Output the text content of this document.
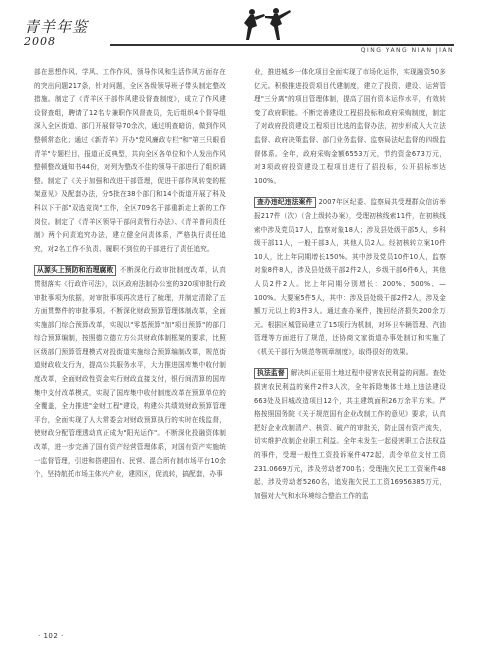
青羊年鉴
2008
QING YANG NIAN JIAN

部在思想作风、学风、工作作风、领导作风和生活作风方面存在的突出问题217条，针对问题，全区各级领导班子带头制定整改措施。制定了《青羊区干部作风建设督查制度》，成立了作风建设督查组，聘请了12名专兼职作风督查员，先后组织4个督导组深入全区街道、部门开展督导70余次，通过明查暗访，做到作风整顿常态化；通过《新青羊》开办"党风廉政专栏"和"第三只眼看青羊"专题栏目，报道正反典型，共向全区各单位和个人发出作风整顿整改通知书44份，对列为整改不佳的领导干部进行了组织调整。制定了《关于加强和改进干部管理，促进干部作风转变的框架意见》及配套办法，分5批在38个部门和14个街道开展了科及科以下干部"双选竞岗"工作，全区709名干部重新走上新的工作岗位。制定了《青羊区领导干部问责暂行办法》、《青羊普问责任制》两个问责追究办法，建立健全问责体系，严格执行责任追究，对2名工作不负责、履职不到位的干部进行了责任追究。

从源头上预防和治理腐败 不断深化行政审批制度改革，认真贯彻落实《行政许可法》，以区政府法制办公室的320项审批行政审批事项为依据，对审批事项再次进行了梳理，并制定清除了五方面贯弊件的审批事项。不断深化财政预算管理体制改革，全面实施部门综合预算改革，实现以"零基预算"加"项目预算"的部门综合预算编制，按照德立德立方公共财政体制框架的要求，比照区级部门预算管理模式对投街道实施综合预算编制改革，规范街道财政收支行为，提高公共服务水平，大力推进国库集中收付制度改革，全面财政性资金实行财政直接支付，银行间清算的国库集中支付改革模式，实现了国库集中收付制度改革在预算单位的全覆盖，全力推进"金财工程"建设，构建公共绩效财政预算管理平台，全面实现了人大常委会对财政预算执行的实时在线监督，使财政分配管理透动真正成为"阳光运作"。不断深化投融资体制改革，进一步完善了国有资产经营管理体系，对国有资产实施统一监督管理，引进和搭建国有、民营、混合所有制市场平台10余个，坚持航托市场主体兴产业，建园区，促流转，搞配套，办事

业，推进城乡一体化项目全面实现了市场化运作，实现融资50多亿元。积极推进投资项目代建制度，建立了投资、建设、运营管理"三分离"的项目管理体制，提高了国有资本运作水平，有效转变了政府职能。不断完善建设工程招投标和政府采购制度，制定了对政府投资建设工程项目比选的监督办法，初步形成人大立法监督、政府决策监督、部门业务监督、监察局法纪监督的四级监督体系。全年，政府采购金额6553万元，节约资金673万元，对3项政府投资建设工程项目进行了招投标，公开招标率达100%。

查办违纪违法案件 2007年区纪委、监察局共受理群众信访举报217件（次）（含上级转办案），受理初核线索11件，在初核线索中涉及党员17人，监察对象18人；涉及县处级干部5人，乡科级干部11人，一般干部3人，其他人员2人。经初核转立案10件10人，比上年同期增长150%。其中涉及党员10件10人，监察对象8件8人，涉及县处级干部2件2人，乡级干部6件6人，其他人员2件2人。比上年同期分别增长：200%、500%、—100%。大要案5件5人，其中：涉及县处级干部2件2人，涉及金额万元以上的3件3人。通过查办案件，挽回经济损失200余万元。根据区城管局建立了15项行为机制，对环卫车辆管理、汽油管理等方面进行了规范，还协商文家街道办事处制订和实施了《机关干部行为规范等规章制度》，取得很好的效果。

执法监督 解决纠正征用土地过程中侵害农民利益的问题。查处损害农民利益的案件2件3人次，全年拆除集体土地上违法建设663处及旧城改造项目12个，共主建筑面积26万余平方米。严格按照国务院《关于规范国有企业改制工作的意见》要求，认真把好企业改制清产、核资、破产的审批关，防止国有资产流失，切实维护改制企业职工利益。全年未发生一起侵害职工合法权益的事件，受理一般性工资投诉案件472起，责令单位支付工资231.0669万元，涉及劳动者700名；受理拖欠民工工资案件48起，涉及劳动者5260名，追发拖欠民工工资16956385万元，加强对大气和水环境综合整治工作的监

· 102 ·
